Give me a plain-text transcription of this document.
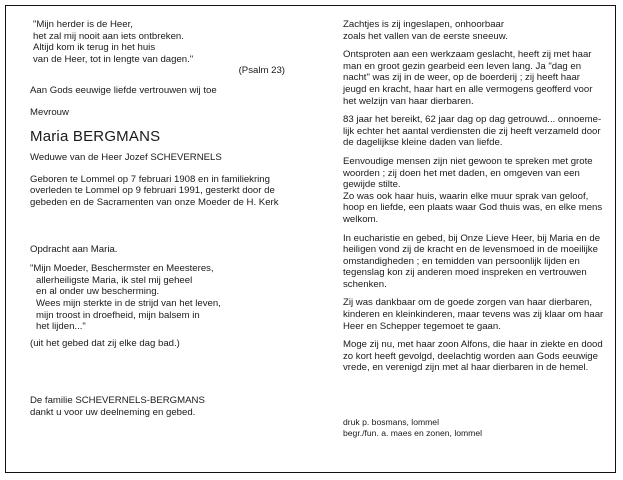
"Mijn herder is de Heer,
het zal mij nooit aan iets ontbreken.
Altijd kom ik terug in het huis
van de Heer, tot in lengte van dagen."
(Psalm 23)
Aan Gods eeuwige liefde vertrouwen wij toe
Mevrouw
Maria BERGMANS
Weduwe van de Heer Jozef SCHEVERNELS
Geboren te Lommel op 7 februari 1908 en in familiekring
overleden te Lommel op 9 februari 1991, gesterkt door de
gebeden en de Sacramenten van onze Moeder de H. Kerk
Opdracht aan Maria.
"Mijn Moeder, Beschermster en Meesteres,
allerheiligste Maria, ik stel mij geheel
en al onder uw bescherming.
Wees mijn sterkte in de strijd van het leven,
mijn troost in droefheid, mijn balsem in
het lijden..."
(uit het gebed dat zij elke dag bad.)
De familie SCHEVERNELS-BERGMANS
dankt u voor uw deelneming en gebed.
Zachtjes is zij ingeslapen, onhoorbaar
zoals het vallen van de eerste sneeuw.
Ontsproten aan een werkzaam geslacht, heeft zij met haar
man en groot gezin gearbeid een leven lang. Ja "dag en
nacht" was zij in de weer, op de boerderij ; zij heeft haar
jeugd en kracht, haar hart en alle vermogens geofferd voor
het welzijn van haar dierbaren.
83 jaar het bereikt, 62 jaar dag op dag getrouwd... onnoeme-
lijk echter het aantal verdiensten die zij heeft verzameld door
de dagelijkse kleine daden van liefde.
Eenvoudige mensen zijn niet gewoon te spreken met grote
woorden ; zij doen het met daden, en omgeven van een
gewijde stilte.
Zo was ook haar huis, waarin elke muur sprak van geloof,
hoop en liefde, een plaats waar God thuis was, en elke mens
welkom.
In eucharistie en gebed, bij Onze Lieve Heer, bij Maria en de
heiligen vond zij de kracht en de levensmoed in de moeilijke
omstandigheden ; en temidden van persoonlijk lijden en
tegenslag kon zij anderen moed inspreken en vertrouwen
schenken.
Zij was dankbaar om de goede zorgen van haar dierbaren,
kinderen en kleinkinderen, maar tevens was zij klaar om haar
Heer en Schepper tegemoet te gaan.
Moge zij nu, met haar zoon Alfons, die haar in ziekte en dood
zo kort heeft gevolgd, deelachtig worden aan Gods eeuwige
vrede, en verenigd zijn met al haar dierbaren in de hemel.
druk p. bosmans, lommel
begr./fun. a. maes en zonen, lommel
